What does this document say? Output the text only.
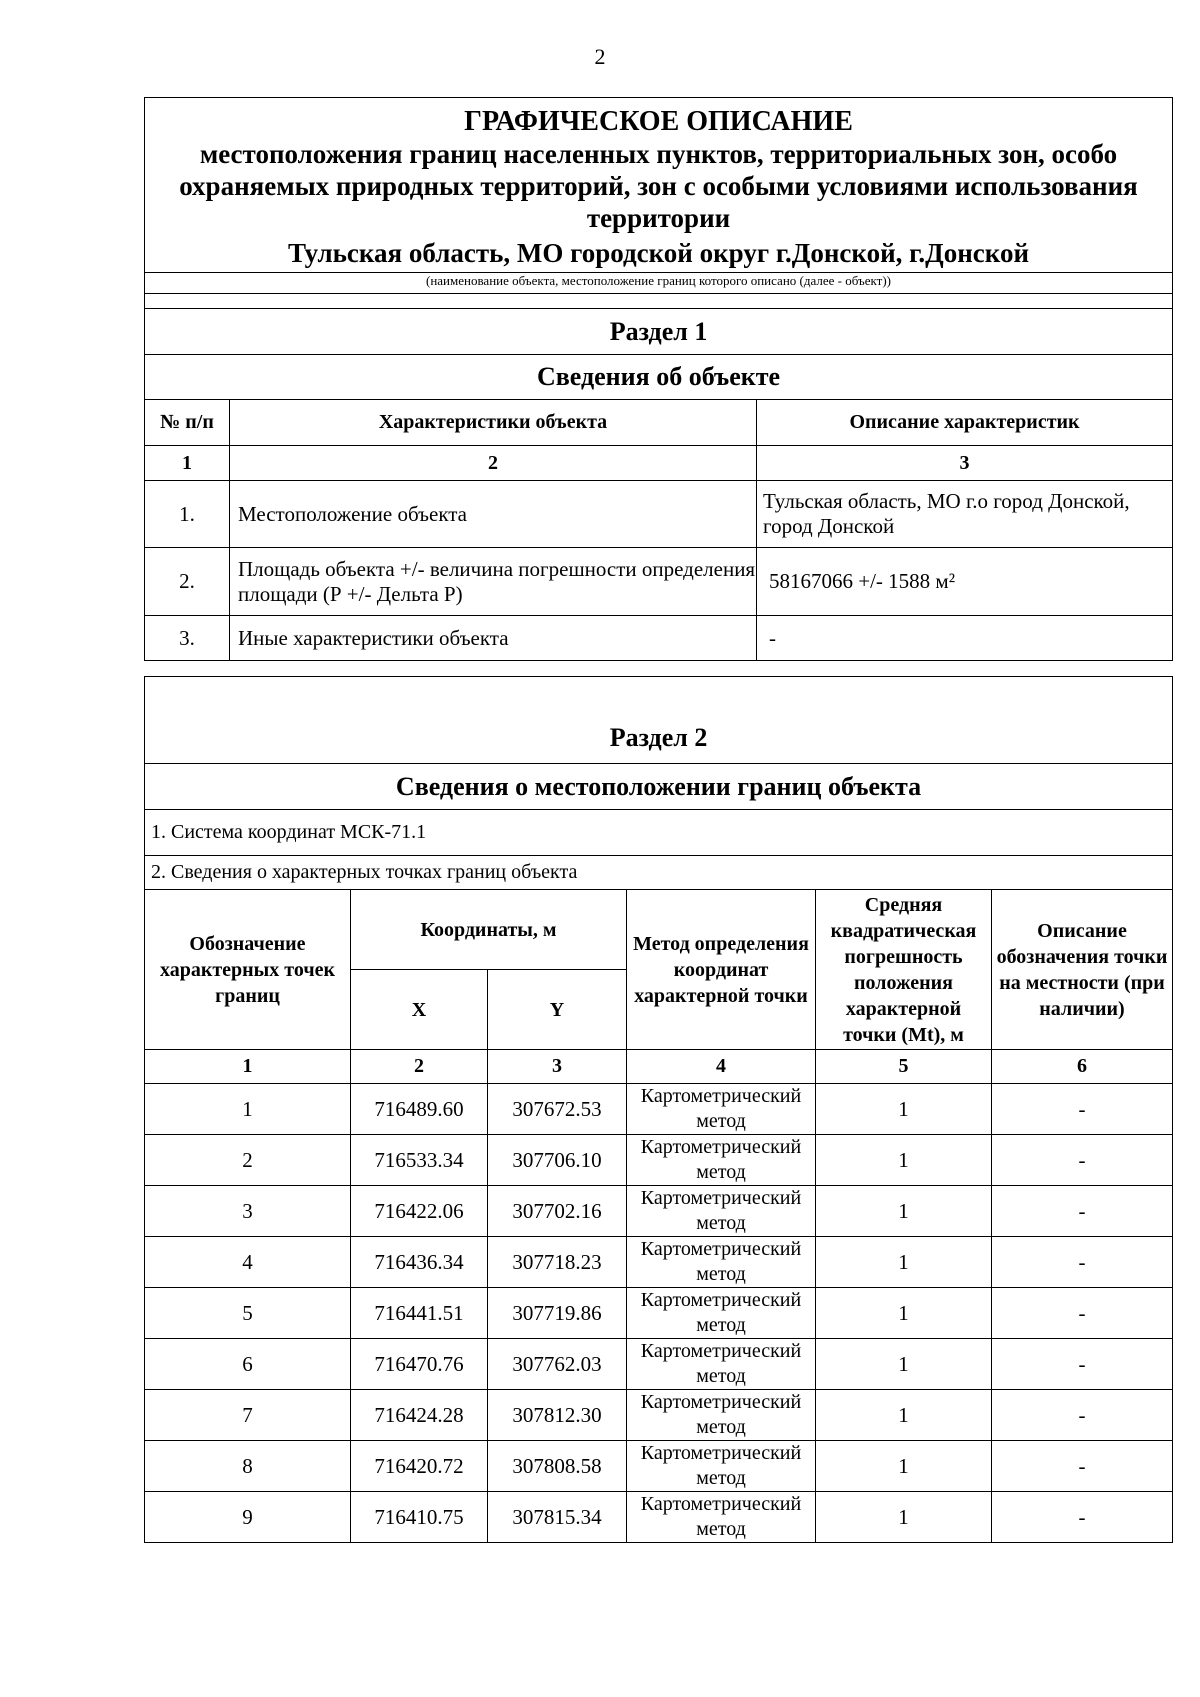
2
ГРАФИЧЕСКОЕ ОПИСАНИЕ
местоположения границ населенных пунктов, территориальных зон, особо охраняемых природных территорий, зон с особыми условиями использования территории		

Тульская область, МО городской округ г.Донской, г.Донской		
(наименование объекта, местоположение границ которого описано (далее - объект))		

Раздел 1		
Сведения об объекте		
№ п/п	Характеристики объекта	Описание характеристик
1	2	3
1.	Местоположение объекта	Тульская область, МО г.о город Донской, город Донской
2.	Площадь объекта +/- величина погрешности определения площади (Р +/- Дельта Р)	58167066 +/- 1588 м²
3.	Иные характеристики объекта	-
Раздел 2					
Сведения о местоположении границ объекта					
1. Система координат МСК-71.1					
2. Сведения о характерных точках границ объекта					
Обозначение характерных точек границ	Координаты, м		Метод определения координат характерной точки	Средняя квадратическая погрешность положения характерной точки (Mt), м	Описание обозначения точки на местности (при наличии)
	X	Y			
1	2	3	4	5	6
1	716489.60	307672.53	Картометрический метод	1	-
2	716533.34	307706.10	Картометрический метод	1	-
3	716422.06	307702.16	Картометрический метод	1	-
4	716436.34	307718.23	Картометрический метод	1	-
5	716441.51	307719.86	Картометрический метод	1	-
6	716470.76	307762.03	Картометрический метод	1	-
7	716424.28	307812.30	Картометрический метод	1	-
8	716420.72	307808.58	Картометрический метод	1	-
9	716410.75	307815.34	Картометрический метод	1	-
